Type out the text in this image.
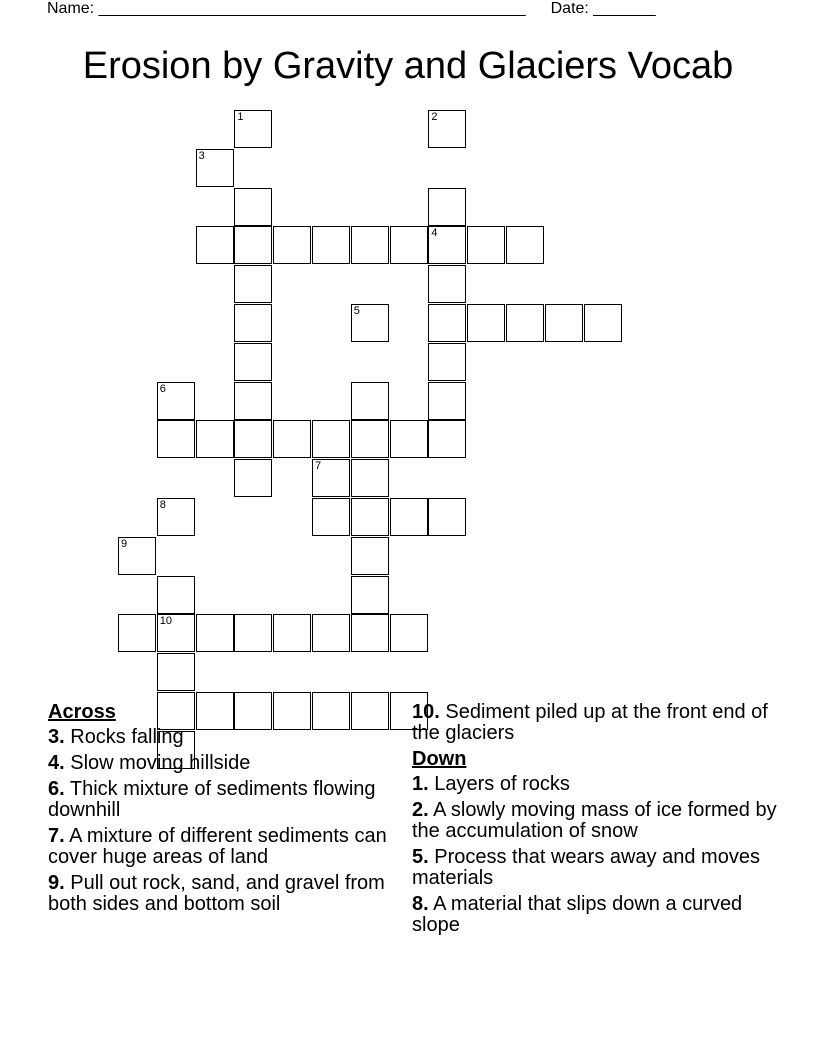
Name: ________________________________________________ Date: _______
Erosion by Gravity and Glaciers Vocab
4
10
1	2
3
5
6
7
8
9
Across
3. Rocks falling
4. Slow moving hillside
6. Thick mixture of sediments flowing downhill
7. A mixture of different sediments can cover huge areas of land
9. Pull out rock, sand, and gravel from both sides and bottom soil
10. Sediment piled up at the front end of the glaciers
Down
1. Layers of rocks
2. A slowly moving mass of ice formed by the accumulation of snow
5. Process that wears away and moves materials
8. A material that slips down a curved slope
